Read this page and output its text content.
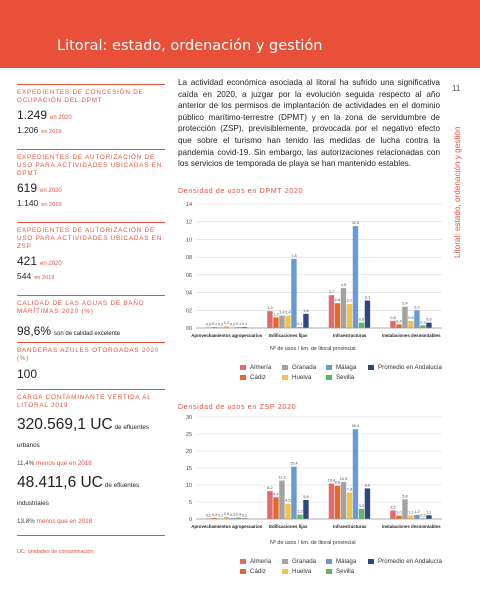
Litoral: estado, ordenación y gestión
11
Litoral: estado, ordenación y gestión
EXPEDIENTES DE CONCESIÓN DE OCUPACIÓN DEL DPMT
1.249 en 2020
1.206 en 2019
EXPEDIENTES DE AUTORIZACIÓN DE USO PARA ACTIVIDADES UBICADAS EN DPMT
619 en 2020
1.140 en 2019
EXPEDIENTES DE AUTORIZACIÓN DE USO PARA ACTIVIDADES UBICADAS EN ZSP
421 en 2020
544 en 2019
CALIDAD DE LAS AGUAS DE BAÑO MARÍTIMAS 2020 (%)
98,6% son de calidad excelente
BANDERAS AZULES OTORGADAS 2020 (%)
100
CARGA CONTAMINANTE VERTIDA AL LITORAL 2019
320.569,1 UC de efluentes urbanos
11,4% menos que en 2018
48.411,6 UC de efluentes industriales
13,8% menos que en 2018
UC: unidades de contaminación.
La actividad económica asociada al litoral ha sufrido una significativa caída en 2020, a juzgar por la evolución seguida respecto al año anterior de los permisos de implantación de actividades en el dominio público marítimo-terrestre (DPMT) y en la zona de servidumbre de protección (ZSP), previsiblemente, provocada por el negativo efecto que sobre el turismo han tenido las medidas de lucha contra la pandemia covid-19. Sin embargo, las autorizaciones relacionadas con los servicios de temporada de playa se han mantenido estables.
Densidad de usos en DPMT 2020
00
02
04
06
08
10
12
14
0,0 0,1 0,0 0,2 0,0 0,1 0,1
Aprovechamientos agropecuarios
1,9
1,2 1,4 1,4
7,8
0,1
1,6
Edificaciones fijas
3,7
2,8
4,5
2,7
11,5
0,6
3,1
Infraestructuras
0,8
0,4
2,4
0,8
2,0
0,3
0,6
Instalaciones desmontables
Nº de usos / km. de litoral provincial
Almería	Granada	Málaga	Promedio en Andalucía
Cádiz	Huelva	Sevilla
Densidad de usos en ZSP 2020
0
5
10
15
20
25
30
0,2 0,3 0,1 0,6 0,3 0,4 0,2
Aprovechamientos agropecuarios
8,2
6,4
11,3
4,5
15,4
1,3
5,6
Edificaciones fijas
10,4
9,8
10,9
7,8
26,4
3,0
9,0
Infraestructuras
2,5
1,0
5,8
1,1 1,2
0,2
1,1
Instalaciones desmontables
Nº de usos / km. de litoral provincial
Almería	Granada	Málaga	Promedio en Andalucía
Cádiz	Huelva	Sevilla
